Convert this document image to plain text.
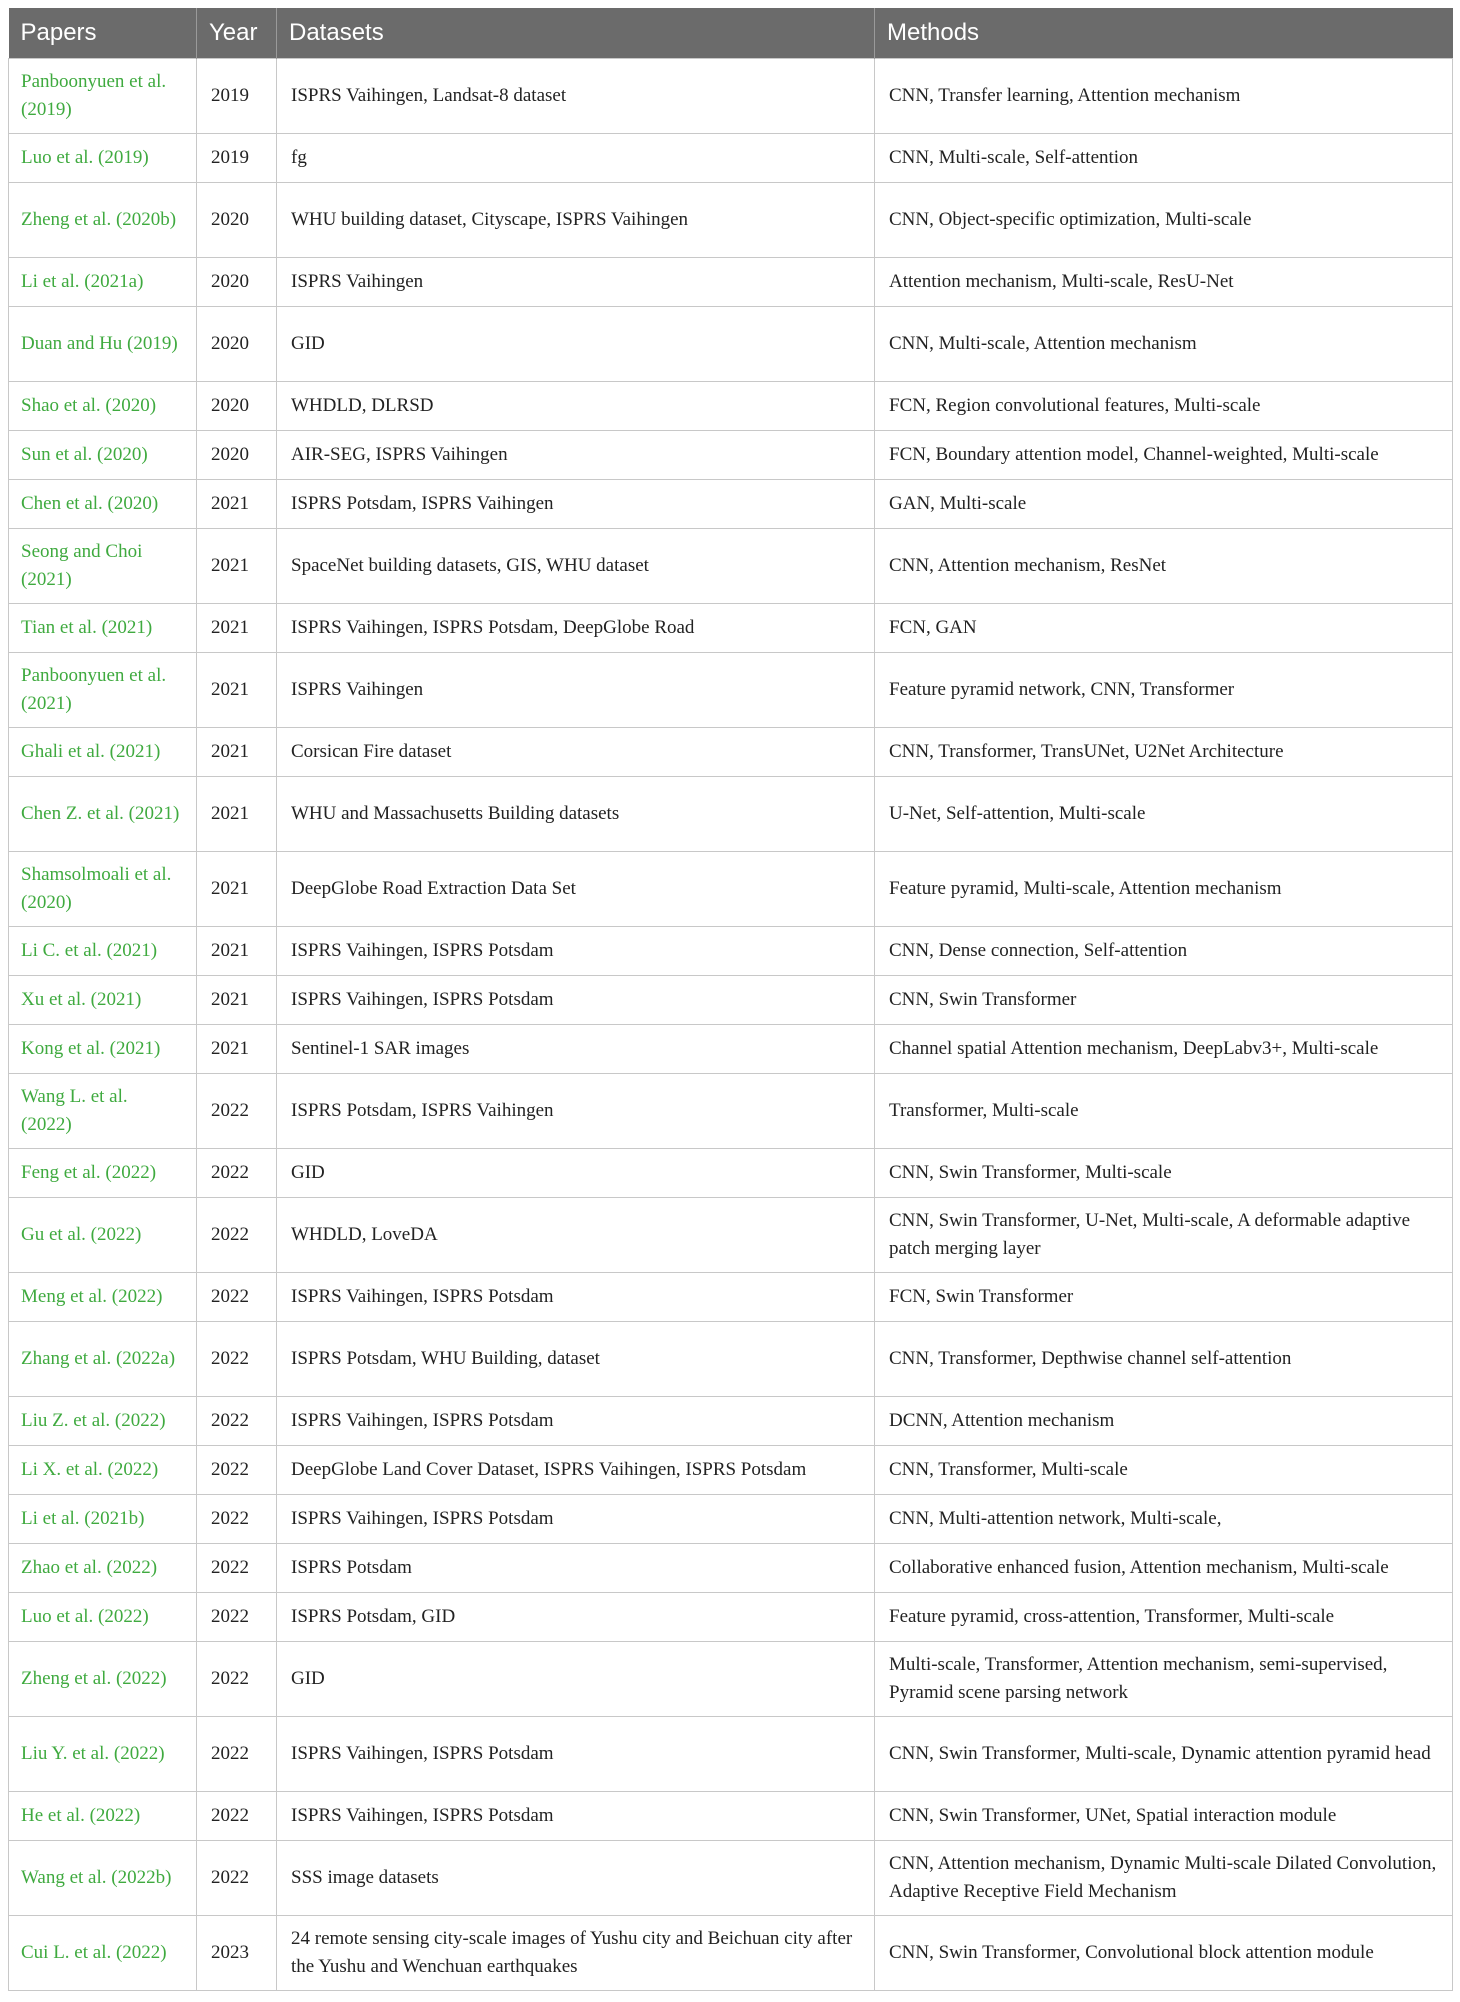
Papers	Year	Datasets	Methods
Panboonyuen et al. (2019)	2019	ISPRS Vaihingen, Landsat-8 dataset	CNN, Transfer learning, Attention mechanism
Luo et al. (2019)	2019	fg	CNN, Multi-scale, Self-attention
Zheng et al. (2020b)	2020	WHU building dataset, Cityscape, ISPRS Vaihingen	CNN, Object-specific optimization, Multi-scale
Li et al. (2021a)	2020	ISPRS Vaihingen	Attention mechanism, Multi-scale, ResU-Net
Duan and Hu (2019)	2020	GID	CNN, Multi-scale, Attention mechanism
Shao et al. (2020)	2020	WHDLD, DLRSD	FCN, Region convolutional features, Multi-scale
Sun et al. (2020)	2020	AIR-SEG, ISPRS Vaihingen	FCN, Boundary attention model, Channel-weighted, Multi-scale
Chen et al. (2020)	2021	ISPRS Potsdam, ISPRS Vaihingen	GAN, Multi-scale
Seong and Choi (2021)	2021	SpaceNet building datasets, GIS, WHU dataset	CNN, Attention mechanism, ResNet
Tian et al. (2021)	2021	ISPRS Vaihingen, ISPRS Potsdam, DeepGlobe Road	FCN, GAN
Panboonyuen et al. (2021)	2021	ISPRS Vaihingen	Feature pyramid network, CNN, Transformer
Ghali et al. (2021)	2021	Corsican Fire dataset	CNN, Transformer, TransUNet, U2Net Architecture
Chen Z. et al. (2021)	2021	WHU and Massachusetts Building datasets	U-Net, Self-attention, Multi-scale
Shamsolmoali et al. (2020)	2021	DeepGlobe Road Extraction Data Set	Feature pyramid, Multi-scale, Attention mechanism
Li C. et al. (2021)	2021	ISPRS Vaihingen, ISPRS Potsdam	CNN, Dense connection, Self-attention
Xu et al. (2021)	2021	ISPRS Vaihingen, ISPRS Potsdam	CNN, Swin Transformer
Kong et al. (2021)	2021	Sentinel-1 SAR images	Channel spatial Attention mechanism, DeepLabv3+, Multi-scale
Wang L. et al. (2022)	2022	ISPRS Potsdam, ISPRS Vaihingen	Transformer, Multi-scale
Feng et al. (2022)	2022	GID	CNN, Swin Transformer, Multi-scale
Gu et al. (2022)	2022	WHDLD, LoveDA	CNN, Swin Transformer, U-Net, Multi-scale, A deformable adaptive patch merging layer
Meng et al. (2022)	2022	ISPRS Vaihingen, ISPRS Potsdam	FCN, Swin Transformer
Zhang et al. (2022a)	2022	ISPRS Potsdam, WHU Building, dataset	CNN, Transformer, Depthwise channel self-attention
Liu Z. et al. (2022)	2022	ISPRS Vaihingen, ISPRS Potsdam	DCNN, Attention mechanism
Li X. et al. (2022)	2022	DeepGlobe Land Cover Dataset, ISPRS Vaihingen, ISPRS Potsdam	CNN, Transformer, Multi-scale
Li et al. (2021b)	2022	ISPRS Vaihingen, ISPRS Potsdam	CNN, Multi-attention network, Multi-scale,
Zhao et al. (2022)	2022	ISPRS Potsdam	Collaborative enhanced fusion, Attention mechanism, Multi-scale
Luo et al. (2022)	2022	ISPRS Potsdam, GID	Feature pyramid, cross-attention, Transformer, Multi-scale
Zheng et al. (2022)	2022	GID	Multi-scale, Transformer, Attention mechanism, semi-supervised, Pyramid scene parsing network
Liu Y. et al. (2022)	2022	ISPRS Vaihingen, ISPRS Potsdam	CNN, Swin Transformer, Multi-scale, Dynamic attention pyramid head
He et al. (2022)	2022	ISPRS Vaihingen, ISPRS Potsdam	CNN, Swin Transformer, UNet, Spatial interaction module
Wang et al. (2022b)	2022	SSS image datasets	CNN, Attention mechanism, Dynamic Multi-scale Dilated Convolution, Adaptive Receptive Field Mechanism
Cui L. et al. (2022)	2023	24 remote sensing city-scale images of Yushu city and Beichuan city after the Yushu and Wenchuan earthquakes	CNN, Swin Transformer, Convolutional block attention module
